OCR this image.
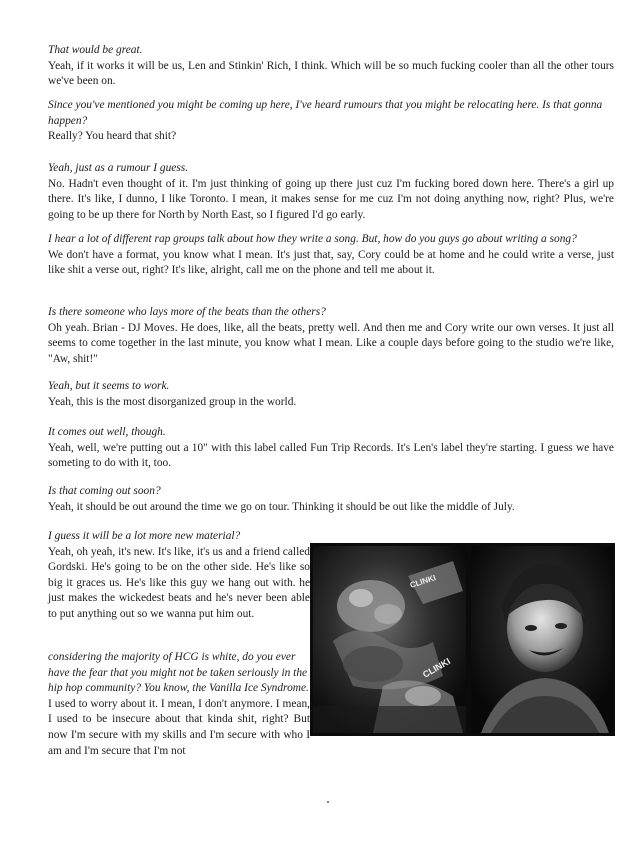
That would be great.
Yeah, if it works it will be us, Len and Stinkin' Rich, I think. Which will be so much fucking cooler than all the other tours we've been on.
Since you've mentioned you might be coming up here, I've heard rumours that you might be relocating here. Is that gonna happen?
Really? You heard that shit?
Yeah, just as a rumour I guess.
No. Hadn't even thought of it. I'm just thinking of going up there just cuz I'm fucking bored down here. There's a girl up there. It's like, I dunno, I like Toronto. I mean, it makes sense for me cuz I'm not doing anything now, right? Plus, we're going to be up there for North by North East, so I figured I'd go early.
I hear a lot of different rap groups talk about how they write a song. But, how do you guys go about writing a song?
We don't have a format, you know what I mean. It's just that, say, Cory could be at home and he could write a verse, just like shit a verse out, right? It's like, alright, call me on the phone and tell me about it.
Is there someone who lays more of the beats than the others?
Oh yeah. Brian - DJ Moves. He does, like, all the beats, pretty well. And then me and Cory write our own verses. It just all seems to come together in the last minute, you know what I mean. Like a couple days before going to the studio we're like, "Aw, shit!"
Yeah, but it seems to work.
Yeah, this is the most disorganized group in the world.
It comes out well, though.
Yeah, well, we're putting out a 10" with this label called Fun Trip Records. It's Len's label they're starting. I guess we have someting to do with it, too.
Is that coming out soon?
Yeah, it should be out around the time we go on tour. Thinking it should be out like the middle of July.
I guess it will be a lot more new material?
Yeah, oh yeah, it's new. It's like, it's us and a friend called Gordski. He's going to be on the other side. He's like so big it graces us. He's like this guy we hang out with. he just makes the wickedest beats and he's never been able to put anything out so we wanna put him out.
considering the majority of HCG is white, do you ever have the fear that you might not be taken seriously in the hip hop community? You know, the Vanilla Ice Syndrome.
I used to worry about it. I mean, I don't anymore. I mean, I used to be insecure about that kinda shit, right? But now I'm secure with my skills and I'm secure with who I am and I'm secure that I'm not
CLINKI
CLINKI
